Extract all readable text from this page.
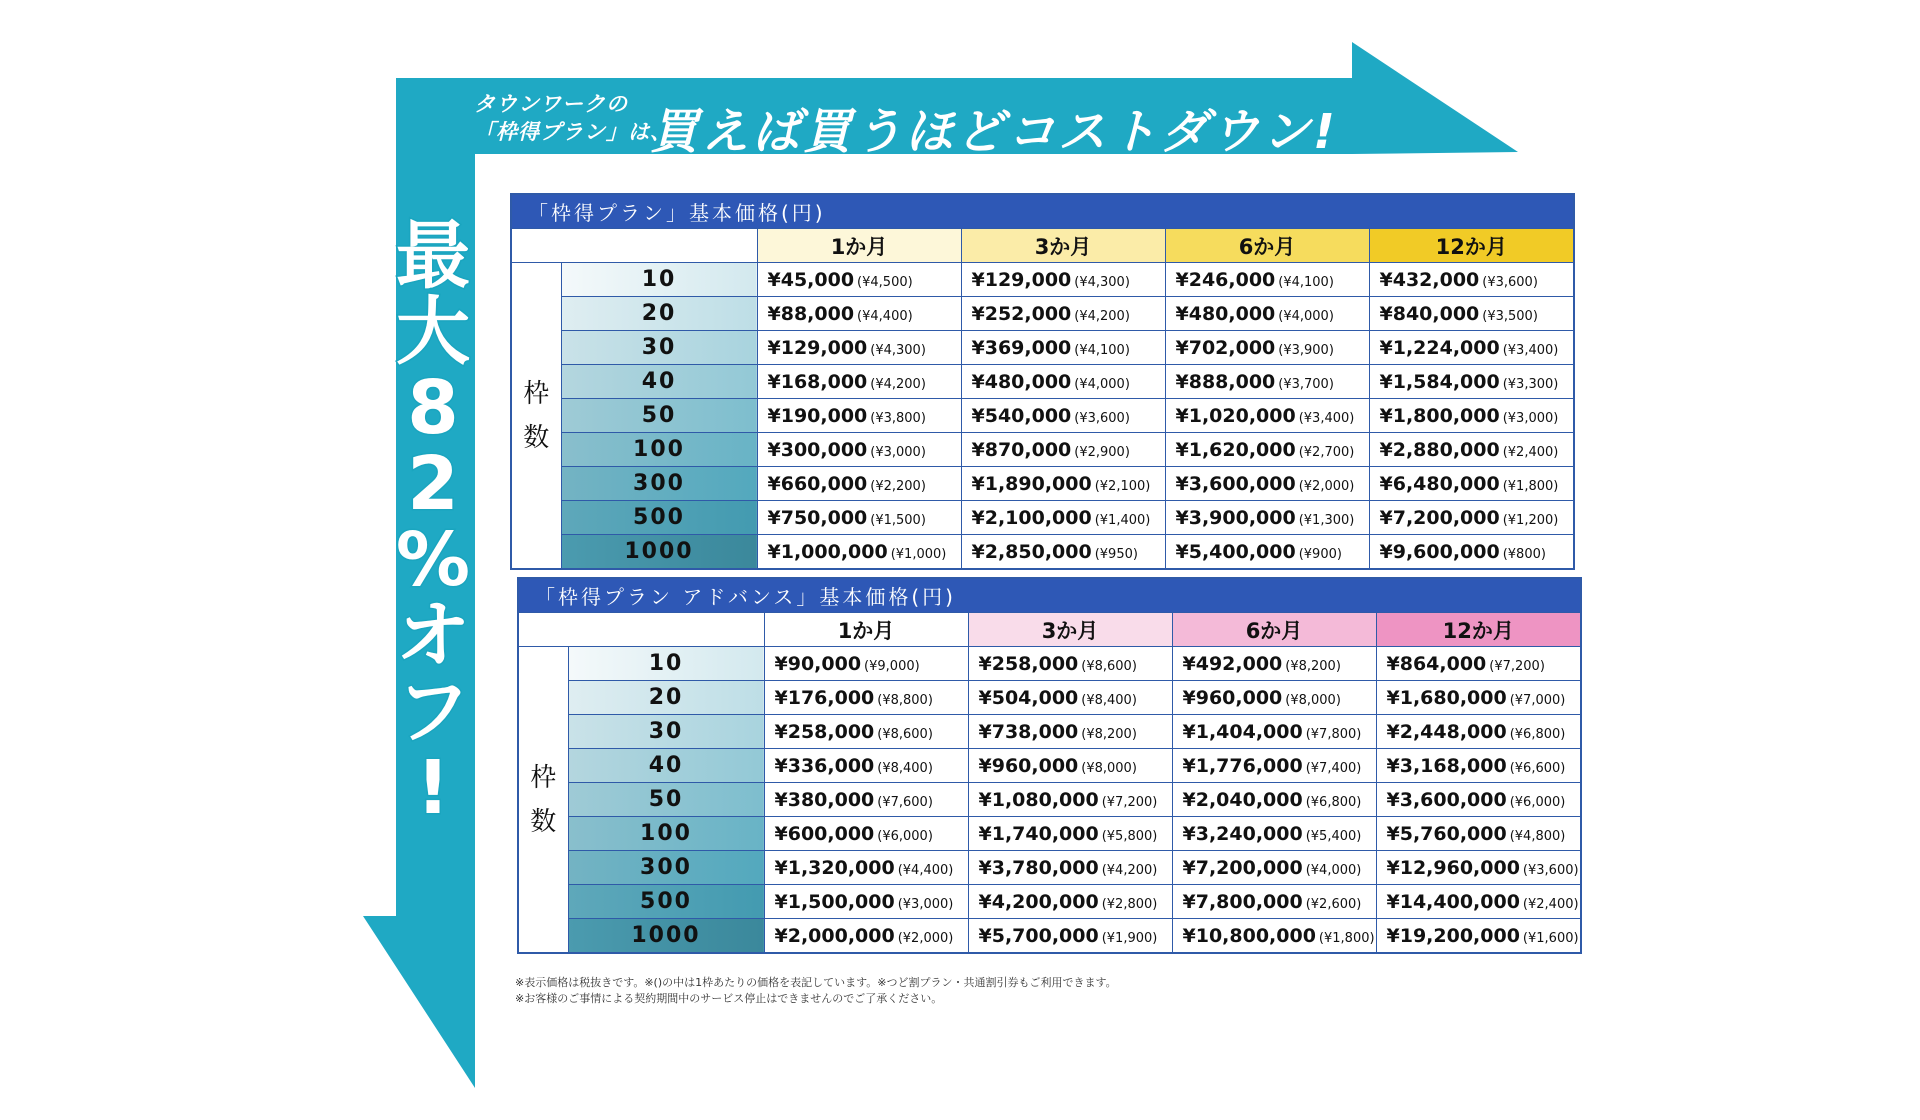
タウンワークの
「枠得プラン」は、
買えば買うほどコストダウン!
最
大
8
2
%
オ
フ
!
「枠得プラン」基本価格(円)					
		1か月	3か月	6か月	12か月

枠数	10	¥45,000 (¥4,500)	¥129,000 (¥4,300)	¥246,000 (¥4,100)	¥432,000 (¥3,600)
	20	¥88,000 (¥4,400)	¥252,000 (¥4,200)	¥480,000 (¥4,000)	¥840,000 (¥3,500)
	30	¥129,000 (¥4,300)	¥369,000 (¥4,100)	¥702,000 (¥3,900)	¥1,224,000 (¥3,400)
	40	¥168,000 (¥4,200)	¥480,000 (¥4,000)	¥888,000 (¥3,700)	¥1,584,000 (¥3,300)
	50	¥190,000 (¥3,800)	¥540,000 (¥3,600)	¥1,020,000 (¥3,400)	¥1,800,000 (¥3,000)
	100	¥300,000 (¥3,000)	¥870,000 (¥2,900)	¥1,620,000 (¥2,700)	¥2,880,000 (¥2,400)
	300	¥660,000 (¥2,200)	¥1,890,000 (¥2,100)	¥3,600,000 (¥2,000)	¥6,480,000 (¥1,800)
	500	¥750,000 (¥1,500)	¥2,100,000 (¥1,400)	¥3,900,000 (¥1,300)	¥7,200,000 (¥1,200)
	1000	¥1,000,000 (¥1,000)	¥2,850,000 (¥950)	¥5,400,000 (¥900)	¥9,600,000 (¥800)
「枠得プラン アドバンス」基本価格(円)					
		1か月	3か月	6か月	12か月

枠数	10	¥90,000 (¥9,000)	¥258,000 (¥8,600)	¥492,000 (¥8,200)	¥864,000 (¥7,200)
	20	¥176,000 (¥8,800)	¥504,000 (¥8,400)	¥960,000 (¥8,000)	¥1,680,000 (¥7,000)
	30	¥258,000 (¥8,600)	¥738,000 (¥8,200)	¥1,404,000 (¥7,800)	¥2,448,000 (¥6,800)
	40	¥336,000 (¥8,400)	¥960,000 (¥8,000)	¥1,776,000 (¥7,400)	¥3,168,000 (¥6,600)
	50	¥380,000 (¥7,600)	¥1,080,000 (¥7,200)	¥2,040,000 (¥6,800)	¥3,600,000 (¥6,000)
	100	¥600,000 (¥6,000)	¥1,740,000 (¥5,800)	¥3,240,000 (¥5,400)	¥5,760,000 (¥4,800)
	300	¥1,320,000 (¥4,400)	¥3,780,000 (¥4,200)	¥7,200,000 (¥4,000)	¥12,960,000 (¥3,600)
	500	¥1,500,000 (¥3,000)	¥4,200,000 (¥2,800)	¥7,800,000 (¥2,600)	¥14,400,000 (¥2,400)
	1000	¥2,000,000 (¥2,000)	¥5,700,000 (¥1,900)	¥10,800,000 (¥1,800)	¥19,200,000 (¥1,600)
※表示価格は税抜きです。※()の中は1枠あたりの価格を表記しています。※つど割プラン・共通割引券もご利用できます。
※お客様のご事情による契約期間中のサービス停止はできませんのでご了承ください。
